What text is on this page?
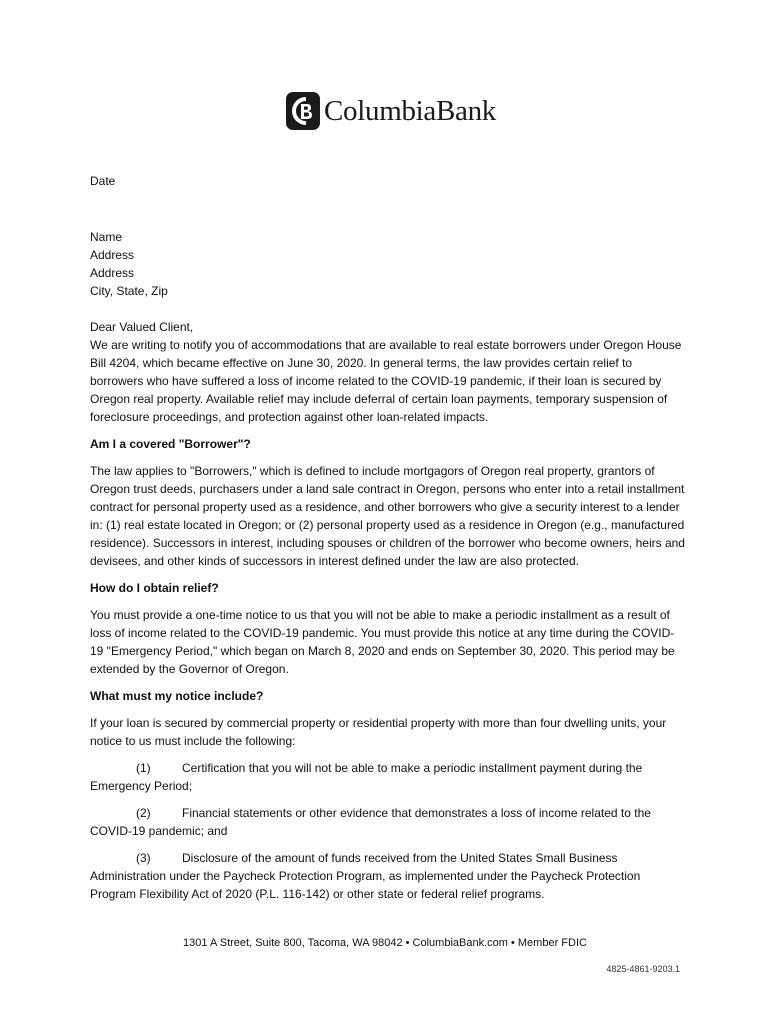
ColumbiaBank
Date
Name
Address
Address
City, State, Zip

Dear Valued Client,

We are writing to notify you of accommodations that are available to real estate borrowers under Oregon House Bill 4204, which became effective on June 30, 2020. In general terms, the law provides certain relief to borrowers who have suffered a loss of income related to the COVID-19 pandemic, if their loan is secured by Oregon real property. Available relief may include deferral of certain loan payments, temporary suspension of foreclosure proceedings, and protection against other loan-related impacts.

Am I a covered "Borrower"?

The law applies to "Borrowers," which is defined to include mortgagors of Oregon real property, grantors of Oregon trust deeds, purchasers under a land sale contract in Oregon, persons who enter into a retail installment contract for personal property used as a residence, and other borrowers who give a security interest to a lender in: (1) real estate located in Oregon; or (2) personal property used as a residence in Oregon (e.g., manufactured residence). Successors in interest, including spouses or children of the borrower who become owners, heirs and devisees, and other kinds of successors in interest defined under the law are also protected.

How do I obtain relief?

You must provide a one-time notice to us that you will not be able to make a periodic installment as a result of loss of income related to the COVID-19 pandemic. You must provide this notice at any time during the COVID-19 "Emergency Period," which began on March 8, 2020 and ends on September 30, 2020. This period may be extended by the Governor of Oregon.

What must my notice include?

If your loan is secured by commercial property or residential property with more than four dwelling units, your notice to us must include the following:

(1)	Certification that you will not be able to make a periodic installment payment during the Emergency Period;

(2)	Financial statements or other evidence that demonstrates a loss of income related to the COVID-19 pandemic; and

(3)	Disclosure of the amount of funds received from the United States Small Business Administration under the Paycheck Protection Program, as implemented under the Paycheck Protection Program Flexibility Act of 2020 (P.L. 116-142) or other state or federal relief programs.

1301 A Street, Suite 800, Tacoma, WA 98042 • ColumbiaBank.com • Member FDIC
4825-4861-9203.1
